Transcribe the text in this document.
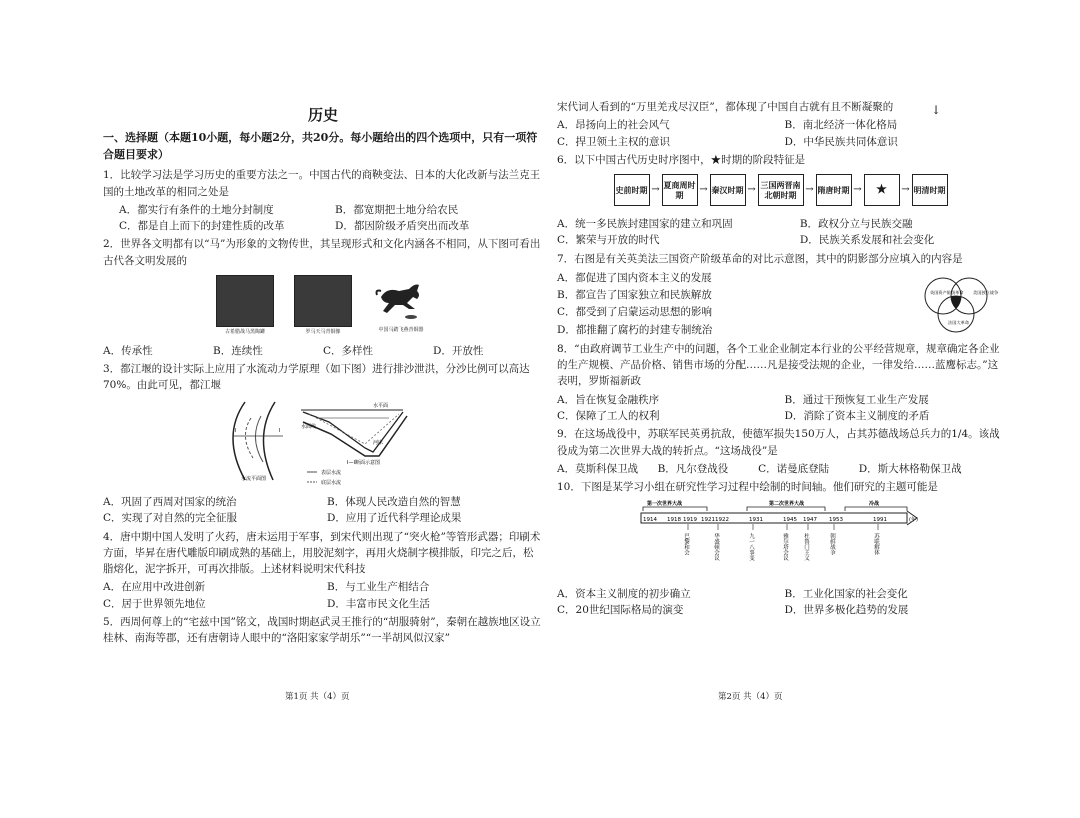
历史
一、选择题（本题10小题，每小题2分，共20分。每小题给出的四个选项中，只有一项符合题目要求）
1．比较学习法是学习历史的重要方法之一。中国古代的商鞅变法、日本的大化改新与法兰克王国的土地改革的相同之处是
A．都实行有条件的土地分封制度	B．都宽期把土地分给农民
C．都是自上而下的封建性质的改革	D．都因阶级矛盾突出而改革
2．世界各文明都有以“马”为形象的文物传世，其呈现形式和文化内涵各不相同，从下图可看出古代各文明发展的
古希腊战马黑陶罐	罗马天马青铜像	中国马踏飞燕青铜器
A．传承性	B．连续性	C．多样性	D．开放性
3．都江堰的设计实际上应用了水流动力学原理（如下图）进行排沙泄洪，分沙比例可以高达70%。由此可见，都江堰
I	I
水流平面图
水平面
水面线
河床
I—I断面示意图
表层水流
底层水流
A．巩固了西周对国家的统治	B．体现人民改造自然的智慧
C．实现了对自然的完全征服	D．应用了近代科学理论成果
4．唐中期中国人发明了火药，唐末运用于军事，到宋代则出现了“突火枪”等管形武器；印刷术方面，毕昇在唐代雕版印刷成熟的基础上，用胶泥刻字，再用火烧制字模排版，印完之后，松脂熔化，泥字拆开，可再次排版。上述材料说明宋代科技
A．在应用中改进创新	B．与工业生产相结合
C．居于世界领先地位	D．丰富市民文化生活
5．西周何尊上的“宅兹中国”铭文，战国时期赵武灵王推行的“胡服骑射”，秦朝在越族地区设立桂林、南海等郡，还有唐朝诗人眼中的“洛阳家家学胡乐”“一半胡风似汉家”
第1页 共（4）页
宋代词人看到的“万里羌戎尽汉臣”，都体现了中国自古就有且不断凝聚的
A．昂扬向上的社会风气	B．南北经济一体化格局
C．捍卫领土主权的意识	D．中华民族共同体意识
6．以下中国古代历史时序图中，★时期的阶段特征是
史前时期 → 夏商周时期	→ 秦汉时期 → 三国两晋南北朝时期 → 隋唐时期 →	★	→ 明清时期
A．统一多民族封建国家的建立和巩固	B．政权分立与民族交融
C．繁荣与开放的时代	D．民族关系发展和社会变化
7．右图是有关英美法三国资产阶级革命的对比示意图，其中的阴影部分应填入的内容是
A．都促进了国内资本主义的发展
B．都宣告了国家独立和民族解放
C．都受到了启蒙运动思想的影响
D．都推翻了腐朽的封建专制统治
英国资产阶级革命 美国独立战争
法国大革命
8．“由政府调节工业生产中的问题，各个工业企业制定本行业的公平经营规章，规章确定各企业的生产规模、产品价格、销售市场的分配……凡是接受法规的企业，一律发给……蓝鹰标志。”这表明，罗斯福新政
A．旨在恢复金融秩序	B．通过干预恢复工业生产发展
C．保障了工人的权利	D．消除了资本主义制度的矛盾
9．在这场战役中，苏联军民英勇抗敌，使德军损失150万人，占其苏德战场总兵力的1/4。该战役成为第二次世界大战的转折点。“这场战役”是
A．莫斯科保卫战	B．凡尔登战役	C．诺曼底登陆	D．斯大林格勒保卫战
10．下图是某学习小组在研究性学习过程中绘制的时间轴。他们研究的主题可能是
第一次世界大战	第二次世界大战	冷战
(年)
1914 1918 1919 1921 1922	1931	1945 1947 1953	1991
巴黎和会	华盛顿会议	九一八事变	雅尔塔会议	杜鲁门主义	朝鲜战争	苏联解体
A．资本主义制度的初步确立	B．工业化国家的社会变化
C．20世纪国际格局的演变	D．世界多极化趋势的发展
↓
第2页 共（4）页
